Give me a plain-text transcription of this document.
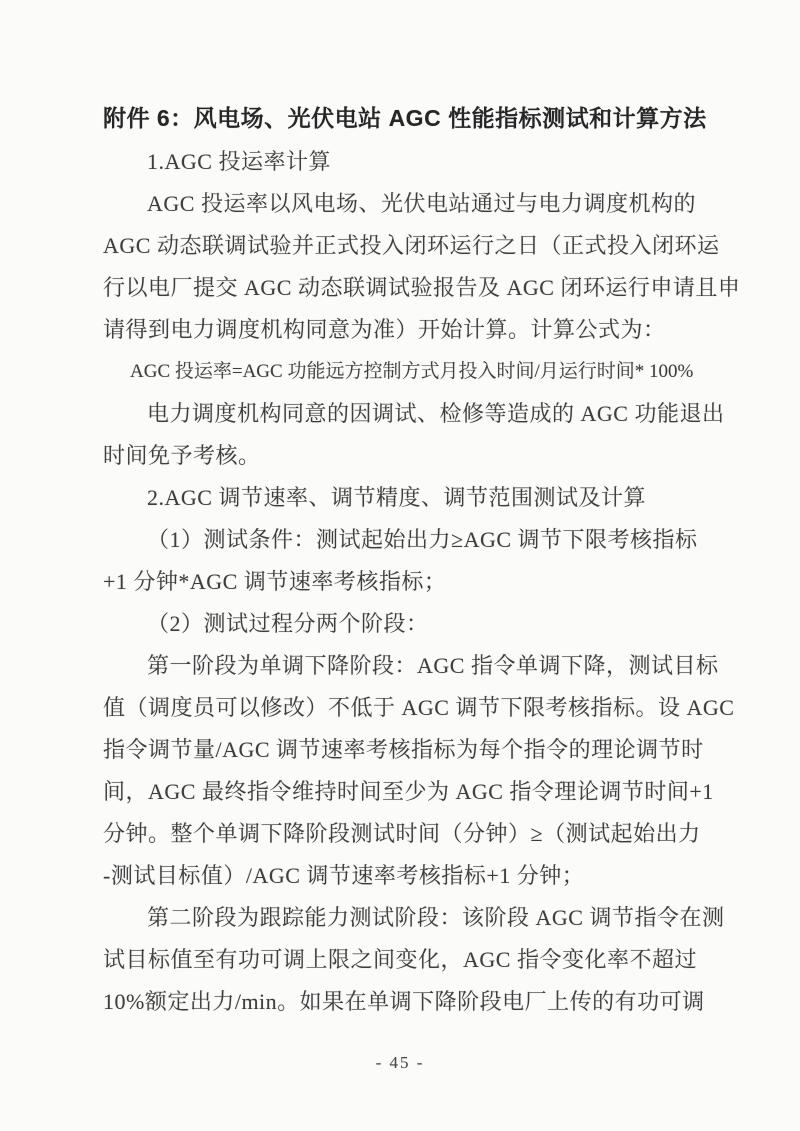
附件 6：风电场、光伏电站 AGC 性能指标测试和计算方法
1.AGC 投运率计算
AGC 投运率以风电场、光伏电站通过与电力调度机构的
AGC 动态联调试验并正式投入闭环运行之日（正式投入闭环运
行以电厂提交 AGC 动态联调试验报告及 AGC 闭环运行申请且申
请得到电力调度机构同意为准）开始计算。计算公式为：
AGC 投运率=AGC 功能远方控制方式月投入时间/月运行时间* 100%
电力调度机构同意的因调试、检修等造成的 AGC 功能退出
时间免予考核。
2.AGC 调节速率、调节精度、调节范围测试及计算
（1）测试条件：测试起始出力≥AGC 调节下限考核指标
+1 分钟*AGC 调节速率考核指标；
（2）测试过程分两个阶段：
第一阶段为单调下降阶段：AGC 指令单调下降，测试目标
值（调度员可以修改）不低于 AGC 调节下限考核指标。设 AGC
指令调节量/AGC 调节速率考核指标为每个指令的理论调节时
间，AGC 最终指令维持时间至少为 AGC 指令理论调节时间+1
分钟。整个单调下降阶段测试时间（分钟）≥（测试起始出力
-测试目标值）/AGC 调节速率考核指标+1 分钟；
第二阶段为跟踪能力测试阶段：该阶段 AGC 调节指令在测
试目标值至有功可调上限之间变化，AGC 指令变化率不超过
10%额定出力/min。如果在单调下降阶段电厂上传的有功可调
- 45 -
